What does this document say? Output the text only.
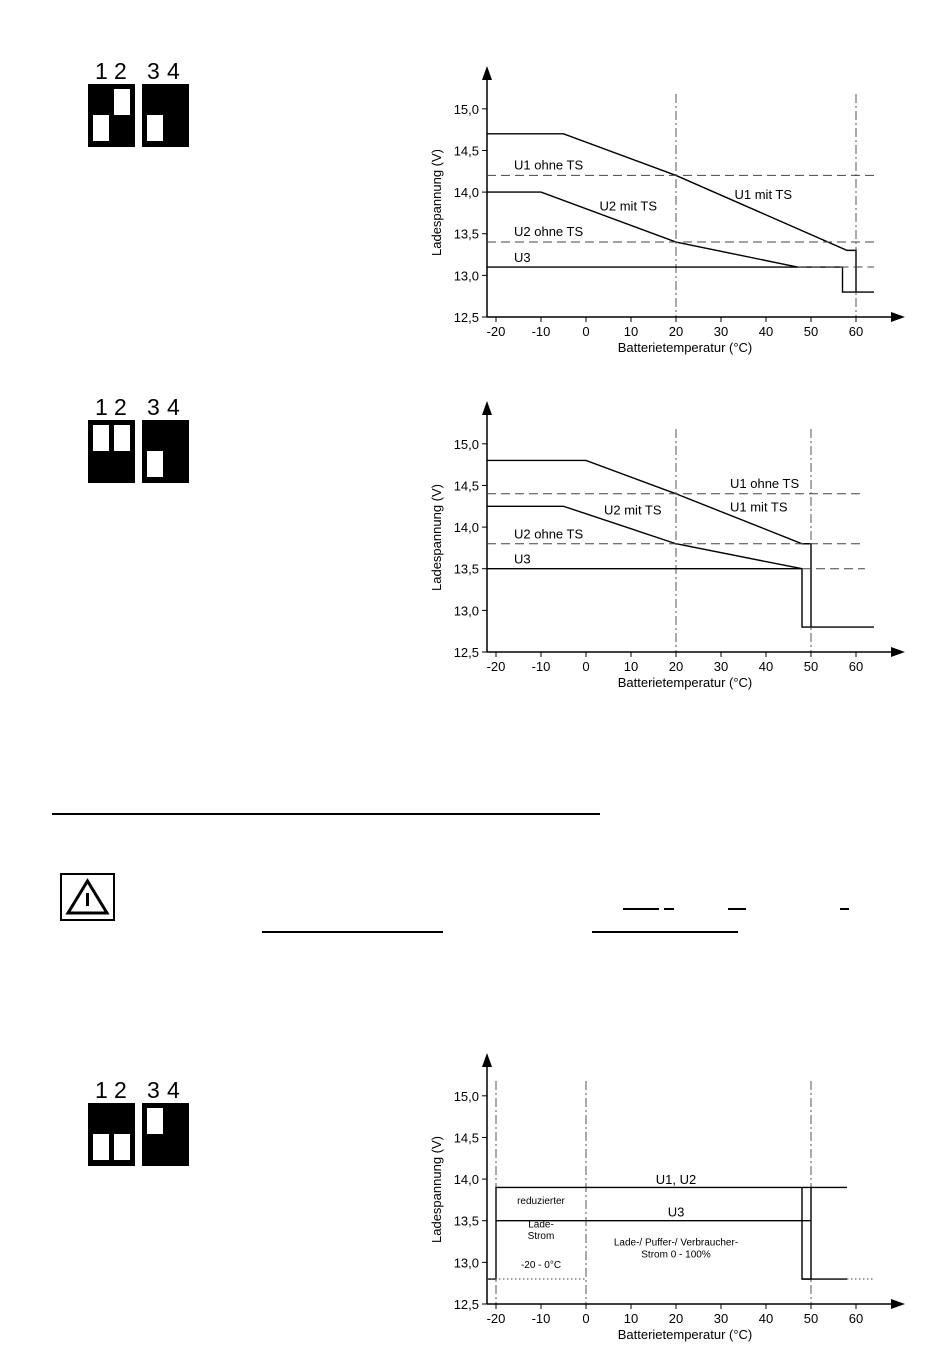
1 2 3 4
1 2 3 4
1 2 3 4
12,5
13,0
13,5
14,0
14,5
15,0
-20 -10 0	10 20 30 40 50 60
Batterietemperatur (°C)
Ladespannung (V)	U1 ohne TS
U2 ohne TS
U3
U2 mit TS
U1 mit TS
12,5
13,0
13,5
14,0
14,5
15,0
-20 -10 0	10 20 30 40 50 60
Batterietemperatur (°C)
Ladespannung (V)
U1 ohne TS
U1 mit TS
U2 mit TS
U2 ohne TS
U3
12,5
13,0
13,5
14,0
14,5
15,0
-20 -10 0	10 20 30 40 50 60
Batterietemperatur (°C)
Ladespannung (V)	U1, U2
U3
reduzierter
Lade-
Strom
-20 - 0°C
Lade-/ Puffer-/ Verbraucher-
Strom 0 - 100%
